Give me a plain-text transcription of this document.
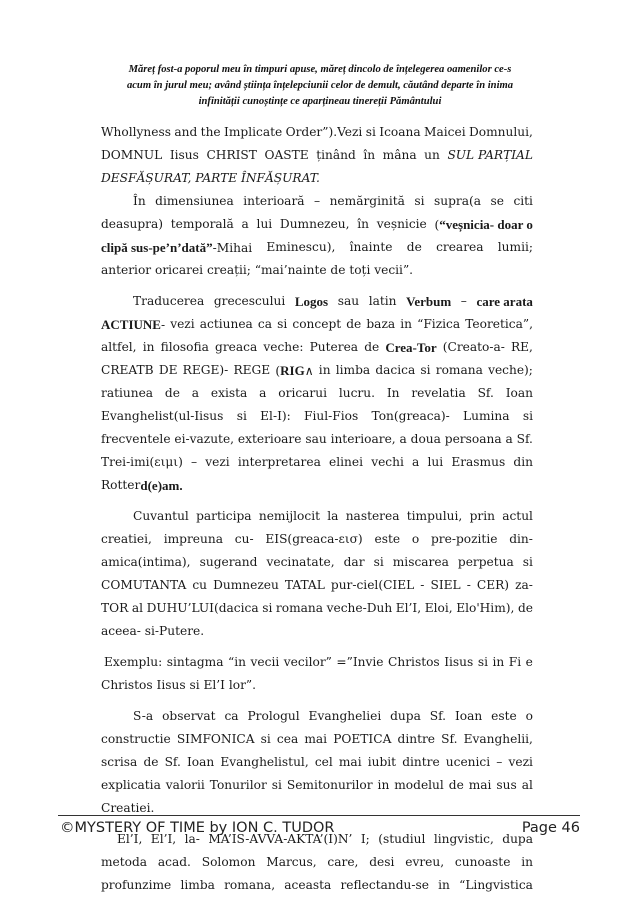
Măreț fost-a poporul meu în timpuri apuse, măreț dincolo de înțelegerea oamenilor ce-s
acum în jurul meu; având știința înțelepciunii celor de demult, căutând departe în inima
infinității cunoștințe ce aparțineau tinereții Pământului
Whollyness and the Implicate Order”).Vezi si Icoana Maicei Domnului,
DOMNUL Iisus CHRIST OASTE ținând în mâna un SUL PARȚIAL
DESFĂȘURAT, PARTE ÎNFĂȘURAT.
În dimensiunea interioară – nemărginită si supra(a se citi
deasupra) temporală a lui Dumnezeu, în veșnicie (“veșnicia- doar o
clipă sus-pe’n’dată”-Mihai Eminescu), înainte de crearea lumii;
anterior oricarei creații; “mai’nainte de toți vecii”.
Traducerea grecescului Logos sau latin Verbum – care arata
ACTIUNE- vezi actiunea ca si concept de baza in “Fizica Teoretica”,
altfel, in filosofia greaca veche: Puterea de Crea-Tor (Creato-a- RE,
CREATB DE REGE)- REGE (RIG∧ in limba dacica si romana veche);
ratiunea de a exista a oricarui lucru. In revelatia Sf. Ioan
Evanghelist(ul-Iisus si El-I): Fiul-Fios Ton(greaca)- Lumina si
frecventele ei-vazute, exterioare sau interioare, a doua persoana a Sf.
Trei-imi(ειμι) – vezi interpretarea elinei vechi a lui Erasmus din
Rotter d(e)am.
Cuvantul participa nemijlocit la nasterea timpului, prin actul
creatiei, impreuna cu- EIS(greaca-εισ) este o pre-pozitie din-
amica(intima), sugerand vecinatate, dar si miscarea perpetua si
COMUTANTA cu Dumnezeu TATAL pur-ciel(CIEL - SIEL - CER) za-
TOR al DUHU’LUI(dacica si romana veche-Duh El’I, Eloi, Elo'Him), de
aceea- si-Putere.
Exemplu: sintagma “in vecii vecilor” =”Invie Christos Iisus si in Fi e
Christos Iisus si El’I lor”.
S-a observat ca Prologul Evangheliei dupa Sf. Ioan este o
constructie SIMFONICA si cea mai POETICA dintre Sf. Evanghelii,
scrisa de Sf. Ioan Evanghelistul, cel mai iubit dintre ucenici – vezi
explicatia valorii Tonurilor si Semitonurilor in modelul de mai sus al
Creatiei.
El’I, El’I, la- MA’IS-AVVA-AKTA’(I)N’ I; (studiul lingvistic, dupa
metoda acad. Solomon Marcus, care, desi evreu, cunoaste in
profunzime limba romana, aceasta reflectandu-se in “Lingvistica
©MYSTERY OF TIME by ION C. TUDOR	Page 46
